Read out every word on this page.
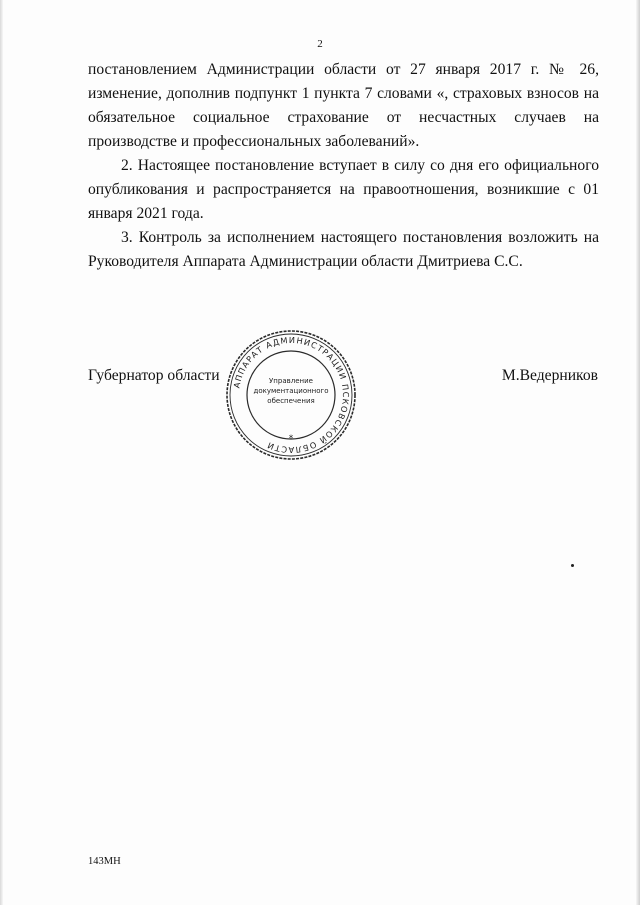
2

постановлением Администрации области от 27 января 2017 г. № 26, изменение, дополнив подпункт 1 пункта 7 словами «, страховых взносов на обязательное социальное страхование от несчастных случаев на производстве и профессиональных заболеваний».

2. Настоящее постановление вступает в силу со дня его официального опубликования и распространяется на правоотношения, возникшие с 01 января 2021 года.

3. Контроль за исполнением настоящего постановления возложить на Руководителя Аппарата Администрации области Дмитриева С.С.

Губернатор области
АППАРАТ АДМИНИСТРАЦИИ ПСКОВСКОЙ ОБЛАСТИ
Управление
документационного
обеспечения
*
М.Ведерников
143МН
